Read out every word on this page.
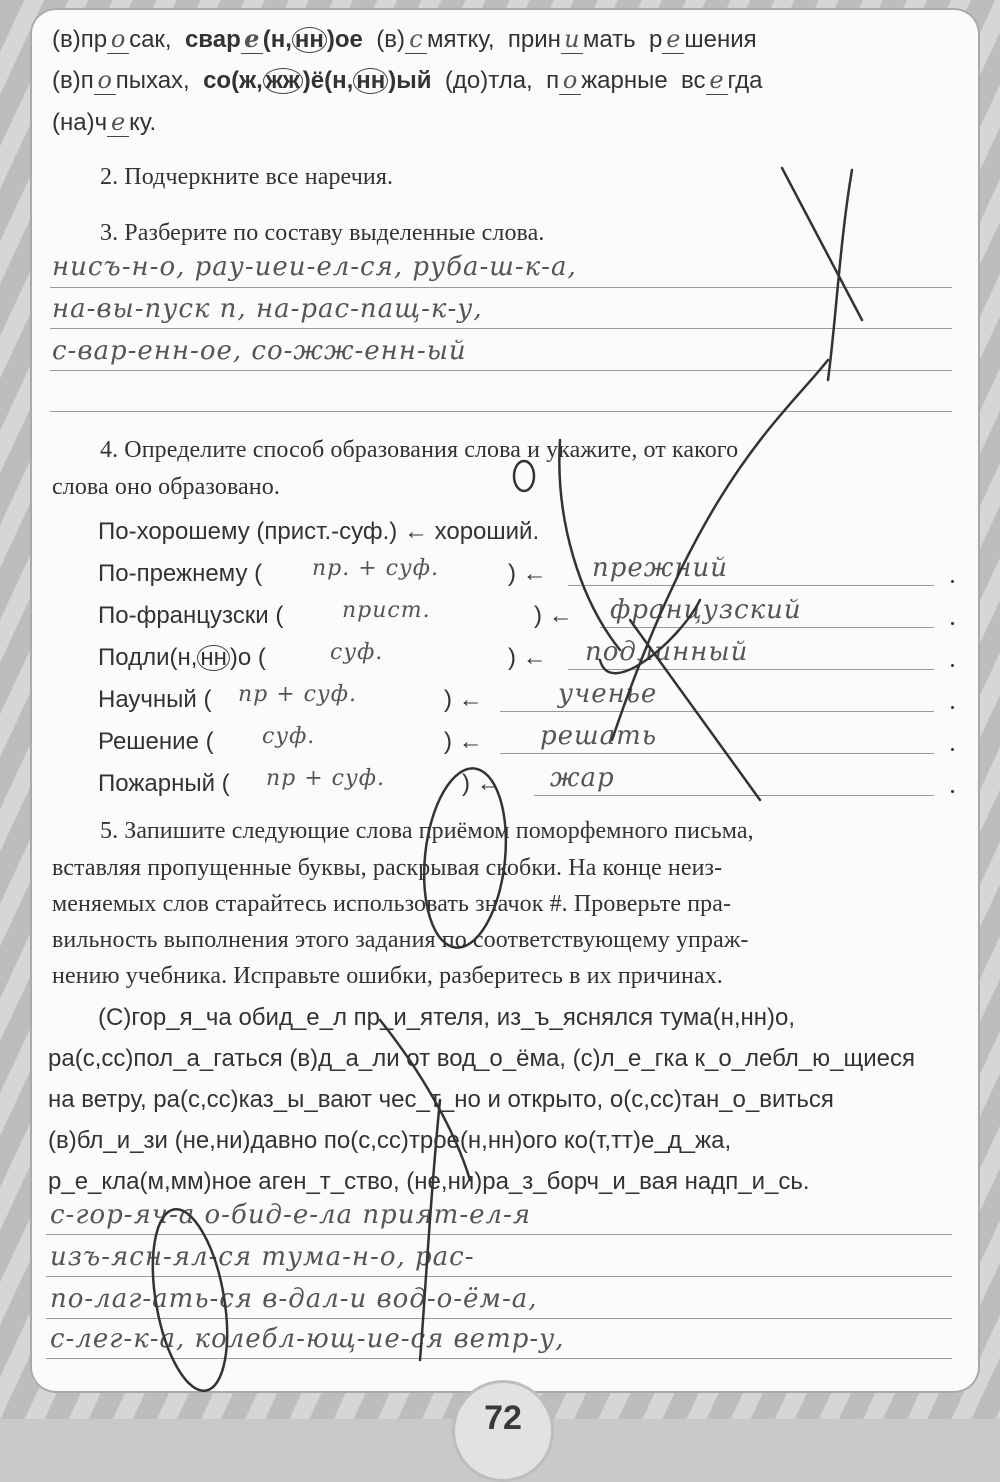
(в)пр о сак, свар е (н, нн )ое (в) с мятку, прин и мать р е шения
(в)п о пыхах, со(ж, жж )ё(н, нн )ый (до)тла, п о жарные вс е гда
(на)ч е ку.
2. Подчеркните все наречия.
3. Разберите по составу выделенные слова.
нисъ-н-о, рау-иеи-ел-ся, руба-ш-к-а,
на-вы-пуск п, на-рас-пащ-к-у,
с-вар-енн-ое, со-жж-енн-ый
4. Определите способ образования слова и укажите, от какого
слова оно образовано.
По-хорошему (прист.-суф.) ← хороший.
По-прежнему ( пр. + суф.	) ← прежний
По-французски (	прист.	) ← французский
Подли(н, нн )о (	суф.	) ← подлинный
Научный ( пр + суф.	) ←	ученье
Решение ( суф.	) ← решать
Пожарный ( пр + суф.	) ← жар
5. Запишите следующие слова приёмом поморфемного письма,
вставляя пропущенные буквы, раскрывая скобки. На конце неиз-
меняемых слов старайтесь использовать значок #. Проверьте пра-
вильность выполнения этого задания по соответствующему упраж-
нению учебника. Исправьте ошибки, разберитесь в их причинах.
(С)гор_я_ча обид_е_л пр_и_ятеля, из_ъ_яснялся тума(н,нн)о,
ра(с,сс)пол_а_гаться (в)д_а_ли от вод_о_ёма, (с)л_е_гка к_о_лебл_ю_щиеся
на ветру, ра(с,сс)каз_ы_вают чес_т_но и открыто, о(с,сс)тан_о_виться
(в)бл_и_зи (не,ни)давно по(с,сс)трое(н,нн)ого ко(т,тт)е_д_жа,
р_е_кла(м,мм)ное аген_т_ство, (не,ни)ра_з_борч_и_вая надп_и_сь.
с-гор-яч-а о-бид-е-ла прият-ел-я
изъ-ясн-ял-ся тума-н-о, рас-
по-лаг-ать-ся в-дал-и вод-о-ём-а,
с-лег-к-а, колебл-ющ-ие-ся ветр-у,
72
